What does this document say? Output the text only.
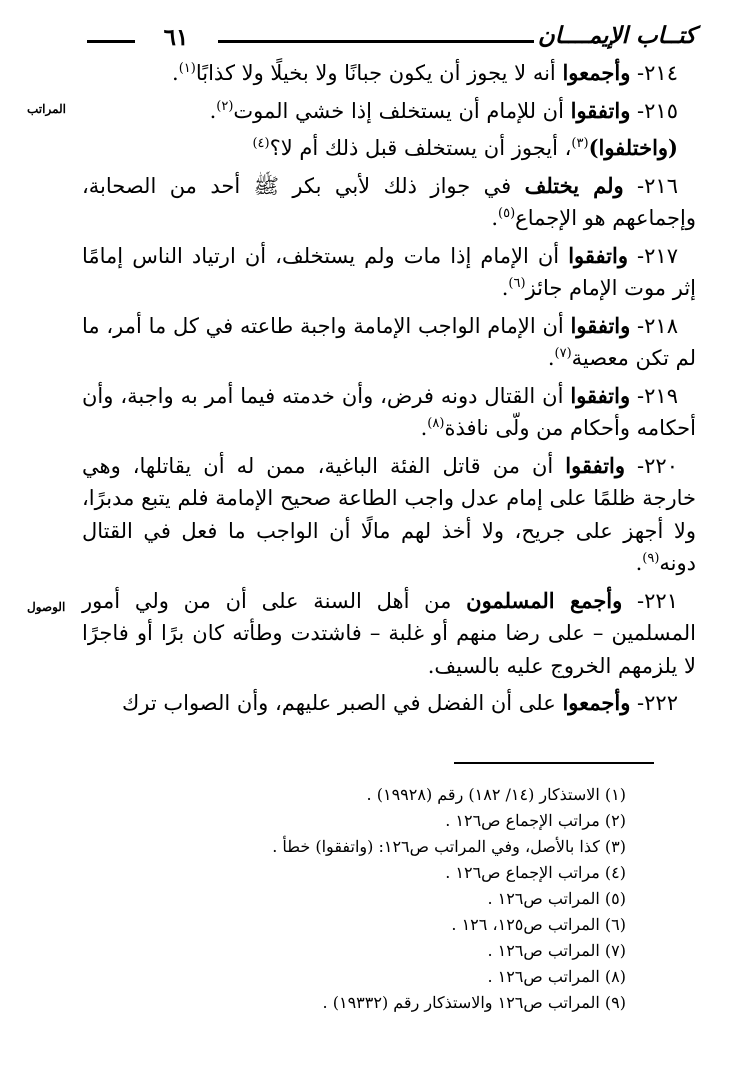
٦١	كتــاب الإيمــــان
المراتب
الوصول

٢١٤- وأجمعوا أنه لا يجوز أن يكون جبانًا ولا بخيلًا ولا كذابًا$^{(١)}$.

٢١٥- واتفقوا أن للإمام أن يستخلف إذا خشي الموت$^{(٢)}$.

(واختلفوا)$^{(٣)}$، أيجوز أن يستخلف قبل ذلك أم لا؟$^{(٤)}$

٢١٦- ولم يختلف في جواز ذلك لأبي بكر ﷺ أحد من الصحابة، وإجماعهم هو الإجماع$^{(٥)}$.

٢١٧- واتفقوا أن الإمام إذا مات ولم يستخلف، أن ارتياد الناس إمامًا إثر موت الإمام جائز$^{(٦)}$.

٢١٨- واتفقوا أن الإمام الواجب الإمامة واجبة طاعته في كل ما أمر، ما لم تكن معصية$^{(٧)}$.

٢١٩- واتفقوا أن القتال دونه فرض، وأن خدمته فيما أمر به واجبة، وأن أحكامه وأحكام من ولّى نافذة$^{(٨)}$.

٢٢٠- واتفقوا أن من قاتل الفئة الباغية، ممن له أن يقاتلها، وهي خارجة ظلمًا على إمام عدل واجب الطاعة صحيح الإمامة فلم يتبع مدبرًا، ولا أجهز على جريح، ولا أخذ لهم مالًا أن الواجب ما فعل في القتال دونه$^{(٩)}$.

٢٢١- وأجمع المسلمون من أهل السنة على أن من ولي أمور المسلمين – على رضا منهم أو غلبة – فاشتدت وطأته كان برًا أو فاجرًا لا يلزمهم الخروج عليه بالسيف.

٢٢٢- وأجمعوا على أن الفضل في الصبر عليهم، وأن الصواب ترك

(١) الاستذكار (١٤/ ١٨٢) رقم (١٩٩٢٨) .

(٢) مراتب الإجماع ص١٢٦ .

(٣) كذا بالأصل، وفي المراتب ص١٢٦: (واتفقوا) خطأ .

(٤) مراتب الإجماع ص١٢٦ .

(٥) المراتب ص١٢٦ .

(٦) المراتب ص١٢٥، ١٢٦ .

(٧) المراتب ص١٢٦ .

(٨) المراتب ص١٢٦ .

(٩) المراتب ص١٢٦ والاستذكار رقم (١٩٣٣٢) .
